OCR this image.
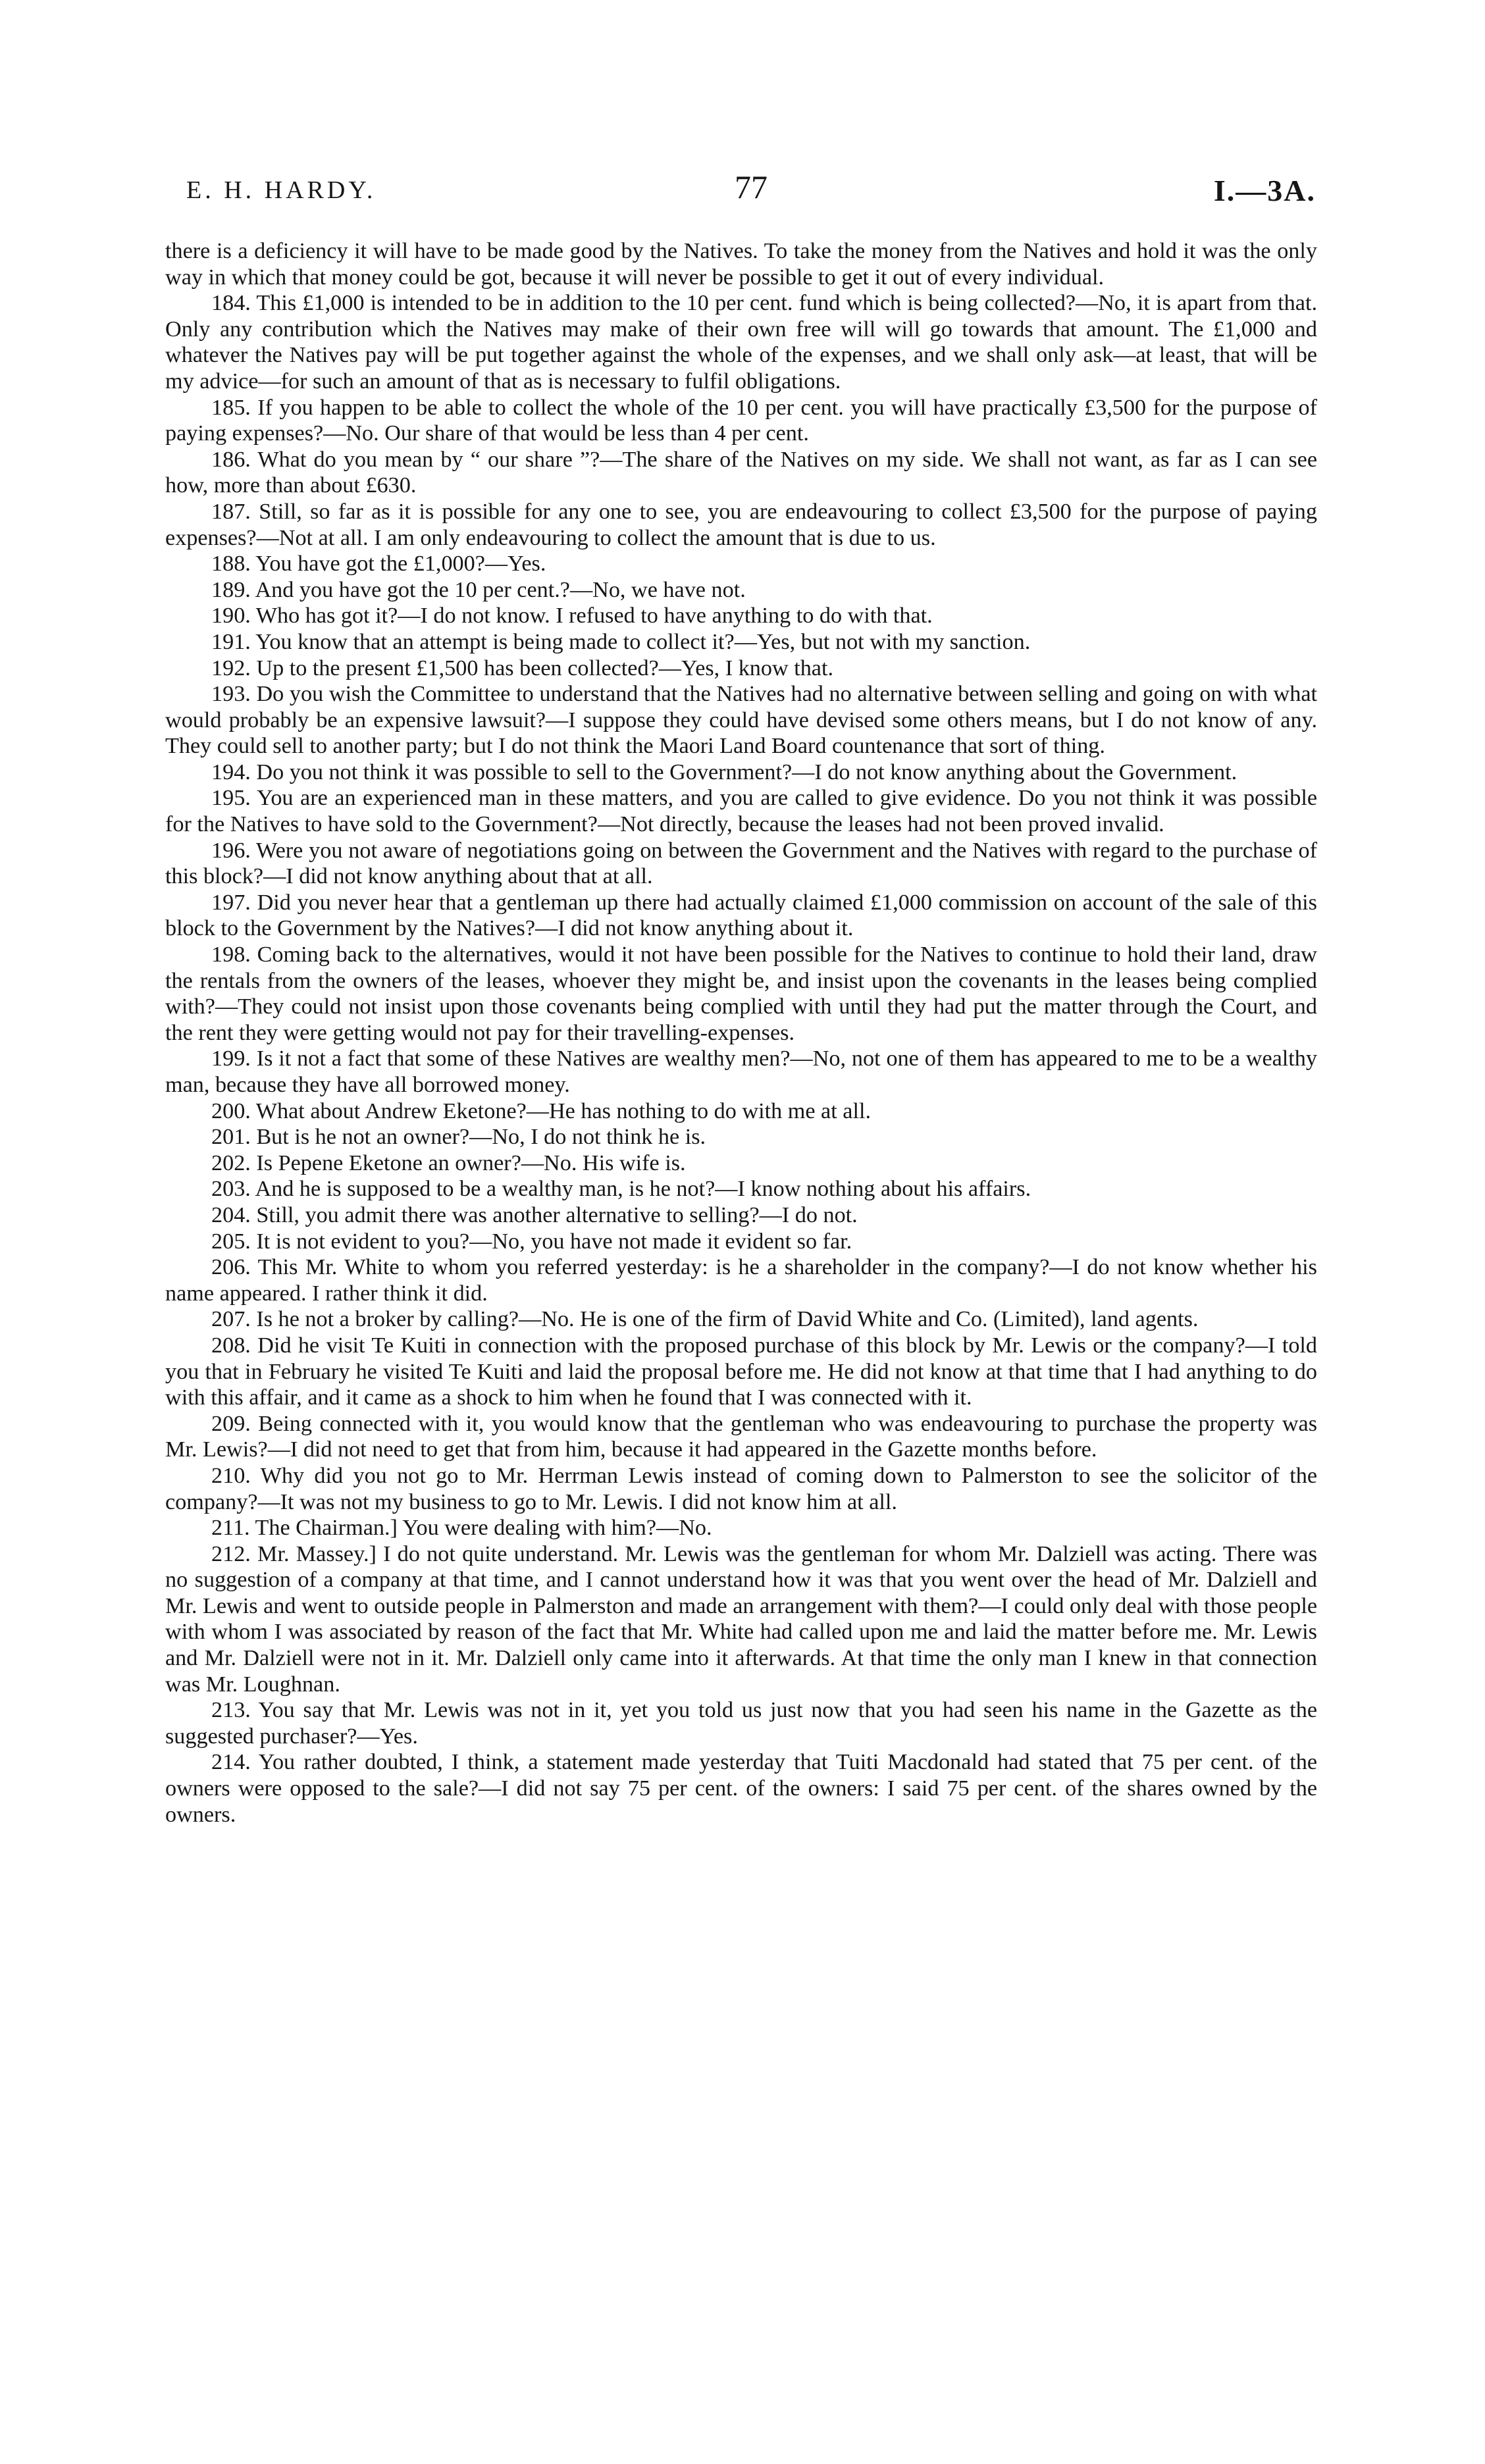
E. H. HARDY.	77	I.—3A.

there is a deficiency it will have to be made good by the Natives. To take the money from the Natives and hold it was the only way in which that money could be got, because it will never be possible to get it out of every individual.

184. This £1,000 is intended to be in addition to the 10 per cent. fund which is being collected?—No, it is apart from that. Only any contribution which the Natives may make of their own free will will go towards that amount. The £1,000 and whatever the Natives pay will be put together against the whole of the expenses, and we shall only ask—at least, that will be my advice—for such an amount of that as is necessary to fulfil obligations.

185. If you happen to be able to collect the whole of the 10 per cent. you will have practically £3,500 for the purpose of paying expenses?—No. Our share of that would be less than 4 per cent.

186. What do you mean by “ our share ”?—The share of the Natives on my side. We shall not want, as far as I can see how, more than about £630.

187. Still, so far as it is possible for any one to see, you are endeavouring to collect £3,500 for the purpose of paying expenses?—Not at all. I am only endeavouring to collect the amount that is due to us.

188. You have got the £1,000?—Yes.

189. And you have got the 10 per cent.?—No, we have not.

190. Who has got it?—I do not know. I refused to have anything to do with that.

191. You know that an attempt is being made to collect it?—Yes, but not with my sanction.

192. Up to the present £1,500 has been collected?—Yes, I know that.

193. Do you wish the Committee to understand that the Natives had no alternative between selling and going on with what would probably be an expensive lawsuit?—I suppose they could have devised some others means, but I do not know of any. They could sell to another party; but I do not think the Maori Land Board countenance that sort of thing.

194. Do you not think it was possible to sell to the Government?—I do not know anything about the Government.

195. You are an experienced man in these matters, and you are called to give evidence. Do you not think it was possible for the Natives to have sold to the Government?—Not directly, because the leases had not been proved invalid.

196. Were you not aware of negotiations going on between the Government and the Natives with regard to the purchase of this block?—I did not know anything about that at all.

197. Did you never hear that a gentleman up there had actually claimed £1,000 commission on account of the sale of this block to the Government by the Natives?—I did not know anything about it.

198. Coming back to the alternatives, would it not have been possible for the Natives to continue to hold their land, draw the rentals from the owners of the leases, whoever they might be, and insist upon the covenants in the leases being complied with?—They could not insist upon those covenants being complied with until they had put the matter through the Court, and the rent they were getting would not pay for their travelling-expenses.

199. Is it not a fact that some of these Natives are wealthy men?—No, not one of them has appeared to me to be a wealthy man, because they have all borrowed money.

200. What about Andrew Eketone?—He has nothing to do with me at all.

201. But is he not an owner?—No, I do not think he is.

202. Is Pepene Eketone an owner?—No. His wife is.

203. And he is supposed to be a wealthy man, is he not?—I know nothing about his affairs.

204. Still, you admit there was another alternative to selling?—I do not.

205. It is not evident to you?—No, you have not made it evident so far.

206. This Mr. White to whom you referred yesterday: is he a shareholder in the company?—I do not know whether his name appeared. I rather think it did.

207. Is he not a broker by calling?—No. He is one of the firm of David White and Co. (Limited), land agents.

208. Did he visit Te Kuiti in connection with the proposed purchase of this block by Mr. Lewis or the company?—I told you that in February he visited Te Kuiti and laid the proposal before me. He did not know at that time that I had anything to do with this affair, and it came as a shock to him when he found that I was connected with it.

209. Being connected with it, you would know that the gentleman who was endeavouring to purchase the property was Mr. Lewis?—I did not need to get that from him, because it had appeared in the Gazette months before.

210. Why did you not go to Mr. Herrman Lewis instead of coming down to Palmerston to see the solicitor of the company?—It was not my business to go to Mr. Lewis. I did not know him at all.

211. The Chairman.] You were dealing with him?—No.

212. Mr. Massey.] I do not quite understand. Mr. Lewis was the gentleman for whom Mr. Dalziell was acting. There was no suggestion of a company at that time, and I cannot understand how it was that you went over the head of Mr. Dalziell and Mr. Lewis and went to outside people in Palmerston and made an arrangement with them?—I could only deal with those people with whom I was associated by reason of the fact that Mr. White had called upon me and laid the matter before me. Mr. Lewis and Mr. Dalziell were not in it. Mr. Dalziell only came into it afterwards. At that time the only man I knew in that connection was Mr. Loughnan.

213. You say that Mr. Lewis was not in it, yet you told us just now that you had seen his name in the Gazette as the suggested purchaser?—Yes.

214. You rather doubted, I think, a statement made yesterday that Tuiti Macdonald had stated that 75 per cent. of the owners were opposed to the sale?—I did not say 75 per cent. of the owners: I said 75 per cent. of the shares owned by the owners.
